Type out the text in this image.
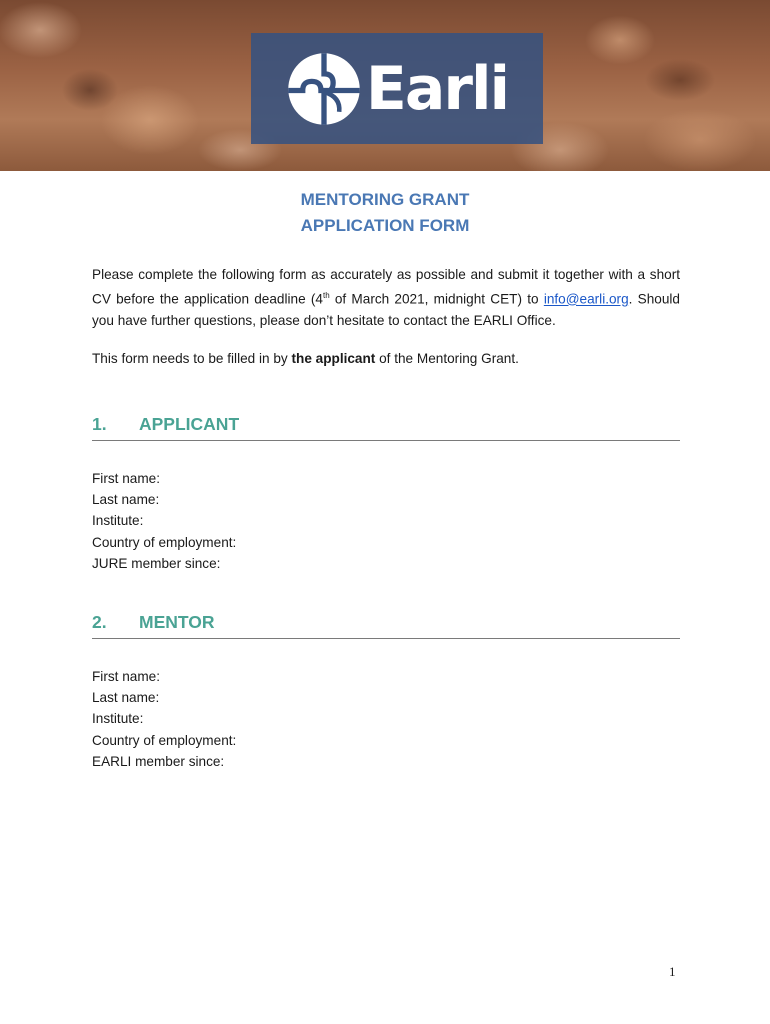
Earli
MENTORING GRANT
APPLICATION FORM
Please complete the following form as accurately as possible and submit it together with a short CV before the application deadline (4th of March 2021, midnight CET) to info@earli.org. Should you have further questions, please don’t hesitate to contact the EARLI Office.
This form needs to be filled in by the applicant of the Mentoring Grant.
1. APPLICANT
First name:
Last name:
Institute:
Country of employment:
JURE member since:
2. MENTOR
First name:
Last name:
Institute:
Country of employment:
EARLI member since:
1
